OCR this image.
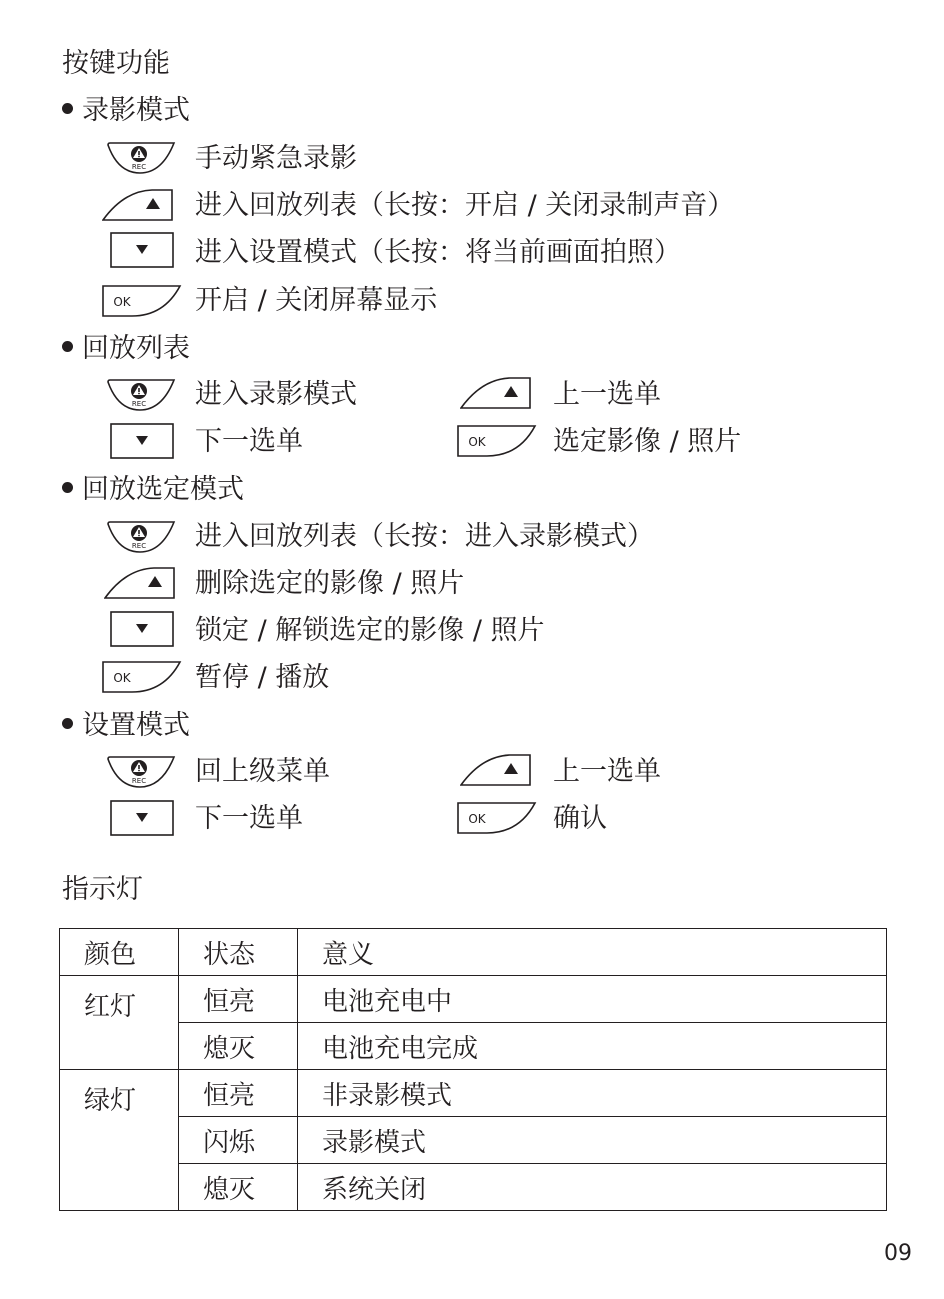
按键功能
录影模式
手动紧急录影
进入回放列表（长按：开启 / 关闭录制声音）
进入设置模式（长按：将当前画面拍照）
开启 / 关闭屏幕显示
回放列表
进入录影模式	上一选单
下一选单	选定影像 / 照片
回放选定模式
进入回放列表（长按：进入录影模式）
删除选定的影像 / 照片
锁定 / 解锁选定的影像 / 照片
暂停 / 播放
设置模式
回上级菜单	上一选单
下一选单	确认
指示灯
颜色	状态	意义
红灯	恒亮	电池充电中
	熄灭	电池充电完成
绿灯	恒亮	非录影模式
	闪烁	录影模式
	熄灭	系统关闭
09
